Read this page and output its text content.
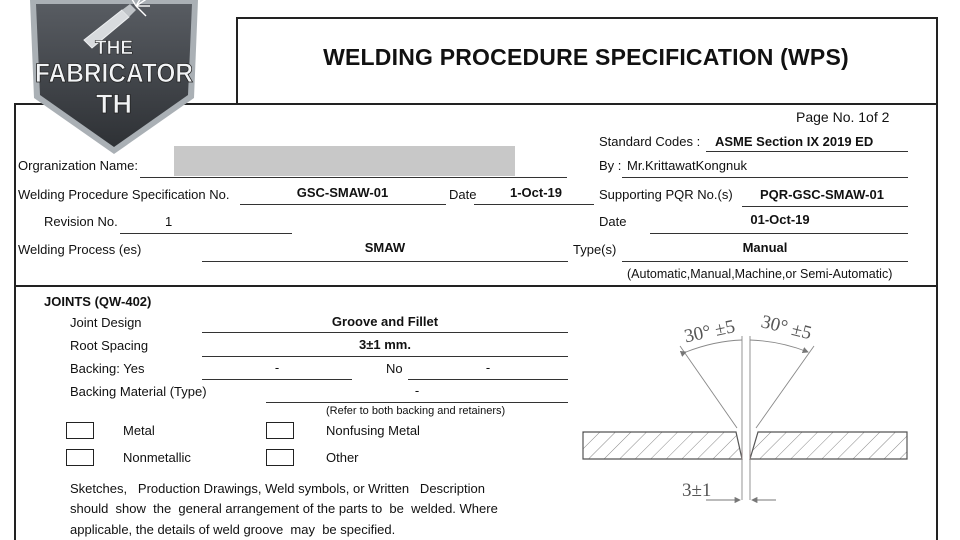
THE
FABRICATOR
TH
WELDING PROCEDURE SPECIFICATION (WPS)
Page No. 1of 2
Standard Codes : ASME Section IX 2019 ED
Orgranization Name:	By : Mr.KrittawatKongnuk
Welding Procedure Specification No.	GSC-SMAW-01	Date	1-Oct-19	Supporting PQR No.(s) PQR-GSC-SMAW-01
Revision No.	1	Date	01-Oct-19
Welding Process (es)	SMAW	Type(s)	Manual
(Automatic,Manual,Machine,or Semi-Automatic)
JOINTS (QW-402)
Joint Design	Groove and Fillet
Root Spacing	3±1 mm.
Backing: Yes	-	No	-
Backing Material (Type)	-
(Refer to both backing and retainers)
Metal	Nonfusing Metal
Nonmetallic	Other
Sketches,   Production Drawings, Weld symbols, or Written   Description
should  show  the  general arrangement of the parts to  be  welded. Where
applicable, the details of weld groove  may  be specified.
30° ±5 30° ±5
3±1
